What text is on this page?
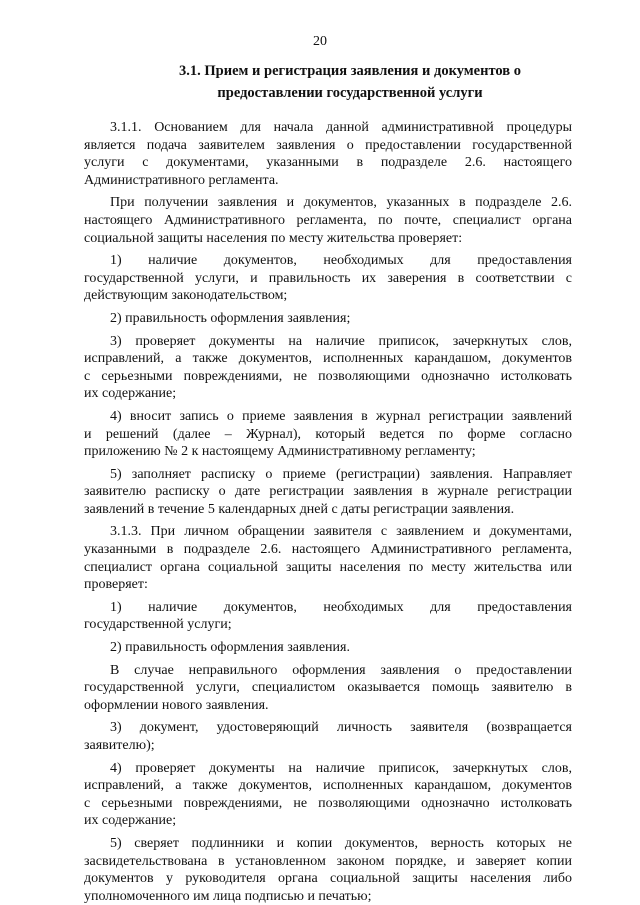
20
3.1. Прием и регистрация заявления и документов о
предоставлении государственной услуги
3.1.1. Основанием для начала данной административной процедуры
является подача заявителем заявления о предоставлении государственной
услуги с документами, указанными в подразделе 2.6. настоящего
Административного регламента.
При получении заявления и документов, указанных в подразделе 2.6.
настоящего Административного регламента, по почте, специалист органа
социальной защиты населения по месту жительства проверяет:
1) наличие документов, необходимых для предоставления
государственной услуги, и правильность их заверения в соответствии с
действующим законодательством;
2) правильность оформления заявления;
3) проверяет документы на наличие приписок, зачеркнутых слов,
исправлений, а также документов, исполненных карандашом, документов
с серьезными повреждениями, не позволяющими однозначно истолковать
их содержание;
4) вносит запись о приеме заявления в журнал регистрации заявлений
и решений (далее – Журнал), который ведется по форме согласно
приложению № 2 к настоящему Административному регламенту;
5) заполняет расписку о приеме (регистрации) заявления. Направляет
заявителю расписку о дате регистрации заявления в журнале регистрации
заявлений в течение 5 календарных дней с даты регистрации заявления.
3.1.3. При личном обращении заявителя с заявлением и документами,
указанными в подразделе 2.6. настоящего Административного регламента,
специалист органа социальной защиты населения по месту жительства или
проверяет:
1) наличие документов, необходимых для предоставления
государственной услуги;
2) правильность оформления заявления.
В случае неправильного оформления заявления о предоставлении
государственной услуги, специалистом оказывается помощь заявителю в
оформлении нового заявления.
3) документ, удостоверяющий личность заявителя (возвращается
заявителю);
4) проверяет документы на наличие приписок, зачеркнутых слов,
исправлений, а также документов, исполненных карандашом, документов
с серьезными повреждениями, не позволяющими однозначно истолковать
их содержание;
5) сверяет подлинники и копии документов, верность которых не
засвидетельствована в установленном законом порядке, и заверяет копии
документов у руководителя органа социальной защиты населения либо
уполномоченного им лица подписью и печатью;
